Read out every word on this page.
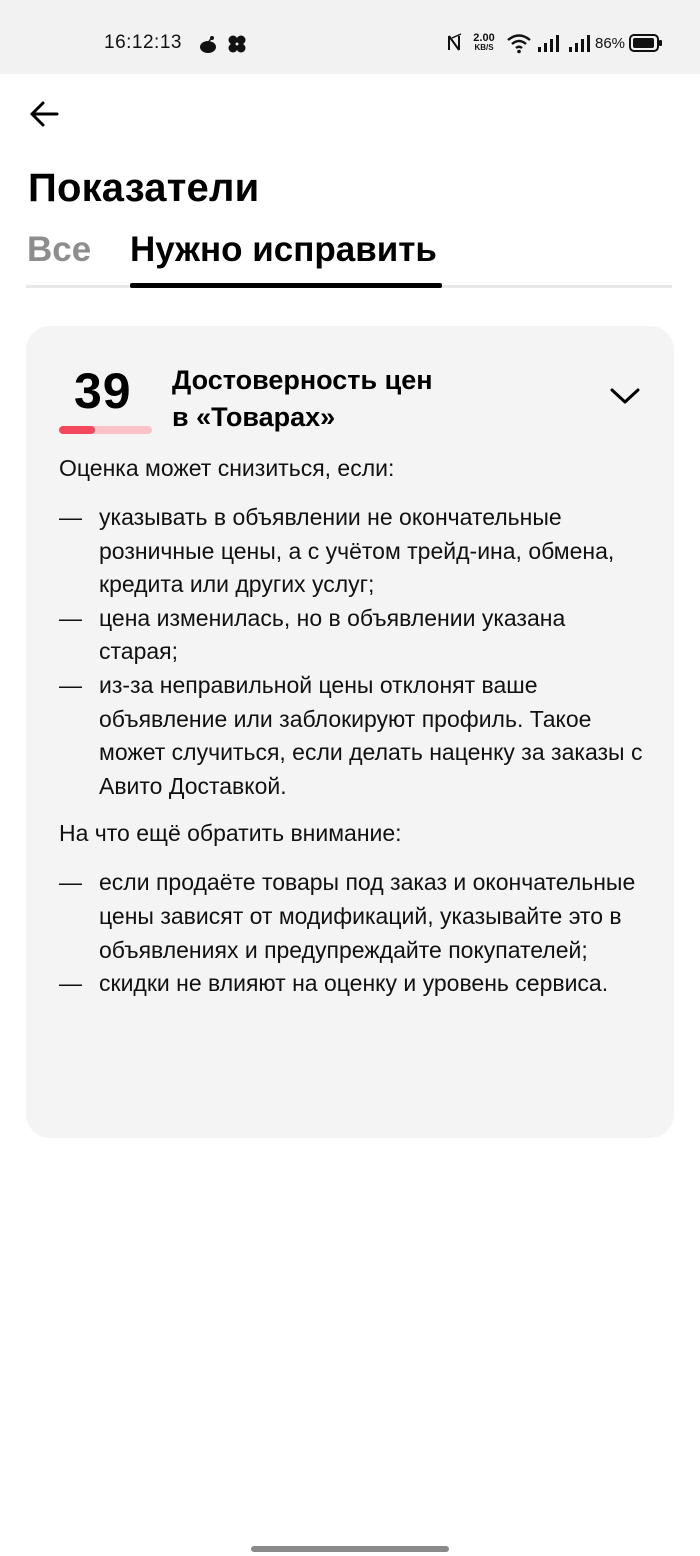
16:12:13	2.00
KB/S	86%
Показатели
Все Нужно исправить
39 Достоверность цен
в «Товарах»

Оценка может снизиться, если:

— указывать в объявлении не окончательные розничные цены, а с учётом трейд-ина, обмена, кредита или других услуг;
— цена изменилась, но в объявлении указана старая;
— из-за неправильной цены отклонят ваше объявление или заблокируют профиль. Такое может случиться, если делать наценку за заказы с Авито Доставкой.

На что ещё обратить внимание:

— если продаёте товары под заказ и окончательные цены зависят от модификаций, указывайте это в объявлениях и предупреждайте покупателей;
— скидки не влияют на оценку и уровень сервиса.
